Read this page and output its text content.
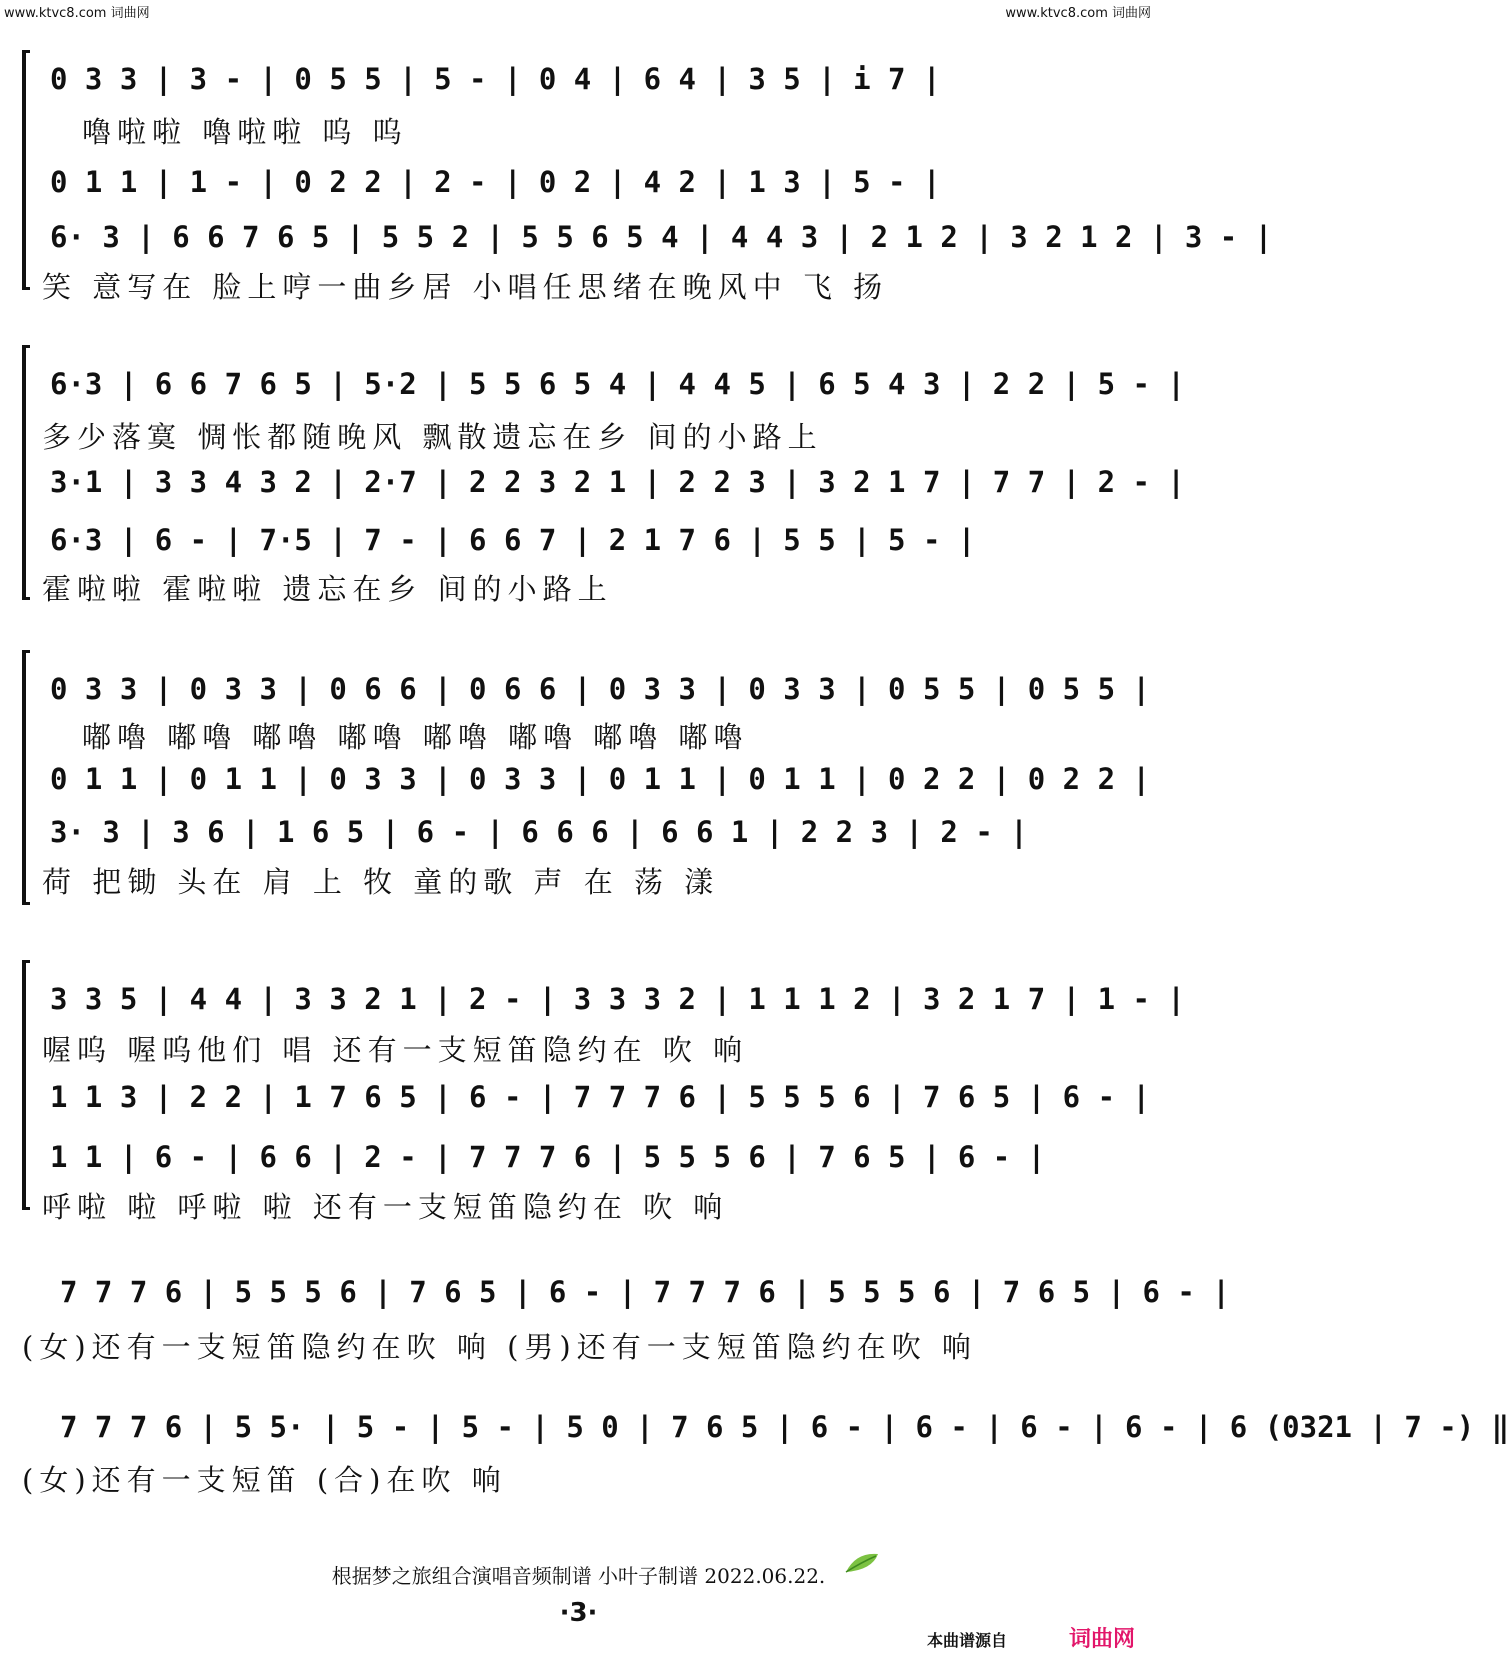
www.ktvc8.com 词曲网	www.ktvc8.com 词曲网
0 3 3 | 3 - | 0 5 5 | 5 - | 0 4 | 6 4 | 3 5 | i 7 |
嚕啦啦 嚕啦啦 呜 呜
0 1 1 | 1 - | 0 2 2 | 2 - | 0 2 | 4 2 | 1 3 | 5 - |
6· 3 | 6 6 7 6 5 | 5 5 2 | 5 5 6 5 4 | 4 4 3 | 2 1 2 | 3 2 1 2 | 3 - |
笑 意写在 脸上哼一曲乡居 小唱任思绪在晚风中 飞 扬
6·3 | 6 6 7 6 5 | 5·2 | 5 5 6 5 4 | 4 4 5 | 6 5 4 3 | 2 2 | 5 - |
多少落寞 惆怅都随晚风 飘散遗忘在乡 间的小路上
3·1 | 3 3 4 3 2 | 2·7 | 2 2 3 2 1 | 2 2 3 | 3 2 1 7 | 7 7 | 2 - |
6·3 | 6 - | 7·5 | 7 - | 6 6 7 | 2 1 7 6 | 5 5 | 5 - |
霍啦啦 霍啦啦 遗忘在乡 间的小路上
0 3 3 | 0 3 3 | 0 6 6 | 0 6 6 | 0 3 3 | 0 3 3 | 0 5 5 | 0 5 5 |
嘟嚕 嘟嚕 嘟嚕 嘟嚕 嘟嚕 嘟嚕 嘟嚕 嘟嚕
0 1 1 | 0 1 1 | 0 3 3 | 0 3 3 | 0 1 1 | 0 1 1 | 0 2 2 | 0 2 2 |
3· 3 | 3 6 | 1 6 5 | 6 - | 6 6 6 | 6 6 1 | 2 2 3 | 2 - |
荷 把锄 头在 肩 上 牧 童的歌 声 在 荡 漾
3 3 5 | 4 4 | 3 3 2 1 | 2 - | 3 3 3 2 | 1 1 1 2 | 3 2 1 7 | 1 - |
喔呜 喔呜他们 唱 还有一支短笛隐约在 吹 响
1 1 3 | 2 2 | 1 7 6 5 | 6 - | 7 7 7 6 | 5 5 5 6 | 7 6 5 | 6 - |
1 1 | 6 - | 6 6 | 2 - | 7 7 7 6 | 5 5 5 6 | 7 6 5 | 6 - |
呼啦 啦 呼啦 啦 还有一支短笛隐约在 吹 响
7 7 7 6 | 5 5 5 6 | 7 6 5 | 6 - | 7 7 7 6 | 5 5 5 6 | 7 6 5 | 6 - |
(女)还有一支短笛隐约在吹 响 (男)还有一支短笛隐约在吹 响
7 7 7 6 | 5 5· | 5 - | 5 - | 5 0 | 7 6 5 | 6 - | 6 - | 6 - | 6 - | 6 (0321 | 7 -) ‖
(女)还有一支短笛 (合)在吹 响
根据梦之旅组合演唱音频制谱 小叶子制谱 2022.06.22.
·3·
本曲谱源自	词曲网
